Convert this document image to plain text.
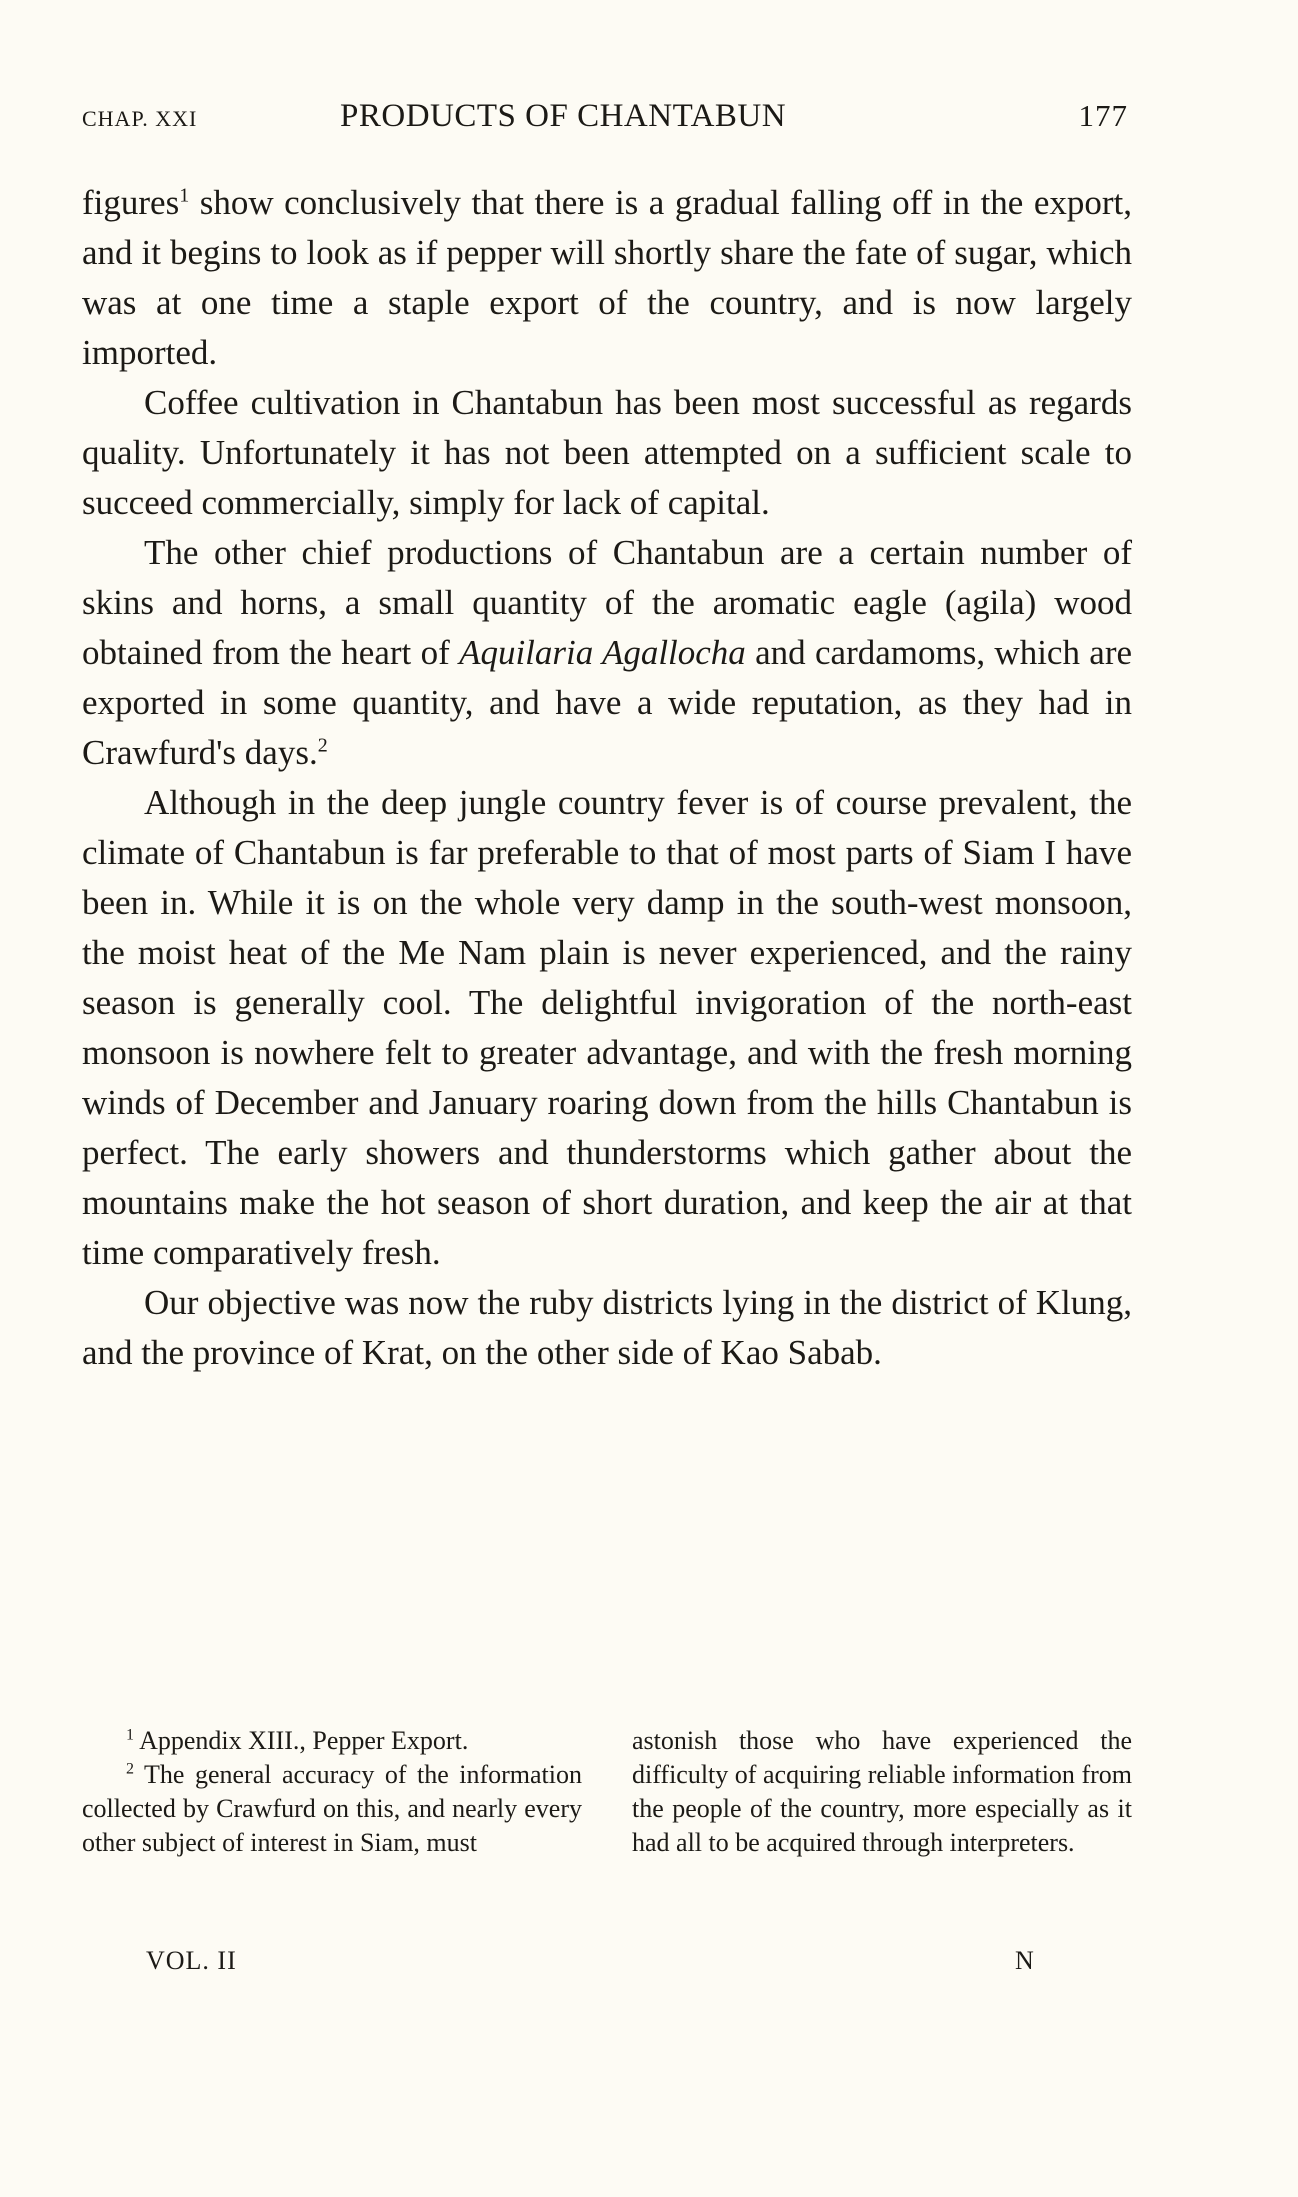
CHAP. XXI	PRODUCTS OF CHANTABUN	177

figures$^1$ show conclusively that there is a gradual falling off in the export, and it begins to look as if pepper will shortly share the fate of sugar, which was at one time a staple export of the country, and is now largely imported.

Coffee cultivation in Chantabun has been most successful as regards quality. Unfortunately it has not been attempted on a sufficient scale to succeed commercially, simply for lack of capital.

The other chief productions of Chantabun are a certain number of skins and horns, a small quantity of the aromatic eagle (agila) wood obtained from the heart of Aquilaria Agallocha and cardamoms, which are exported in some quantity, and have a wide reputation, as they had in Crawfurd's days.$^2$

Although in the deep jungle country fever is of course prevalent, the climate of Chantabun is far preferable to that of most parts of Siam I have been in. While it is on the whole very damp in the south-west monsoon, the moist heat of the Me Nam plain is never experienced, and the rainy season is generally cool. The delightful invigoration of the north-east monsoon is nowhere felt to greater advantage, and with the fresh morning winds of December and January roaring down from the hills Chantabun is perfect. The early showers and thunderstorms which gather about the mountains make the hot season of short duration, and keep the air at that time comparatively fresh.

Our objective was now the ruby districts lying in the district of Klung, and the province of Krat, on the other side of Kao Sabab.

$^1$ Appendix XIII., Pepper Export.

$^2$ The general accuracy of the information collected by Crawfurd on this, and nearly every other subject of interest in Siam, must

astonish those who have experienced the difficulty of acquiring reliable information from the people of the country, more especially as it had all to be acquired through interpreters.

VOL. II	N
